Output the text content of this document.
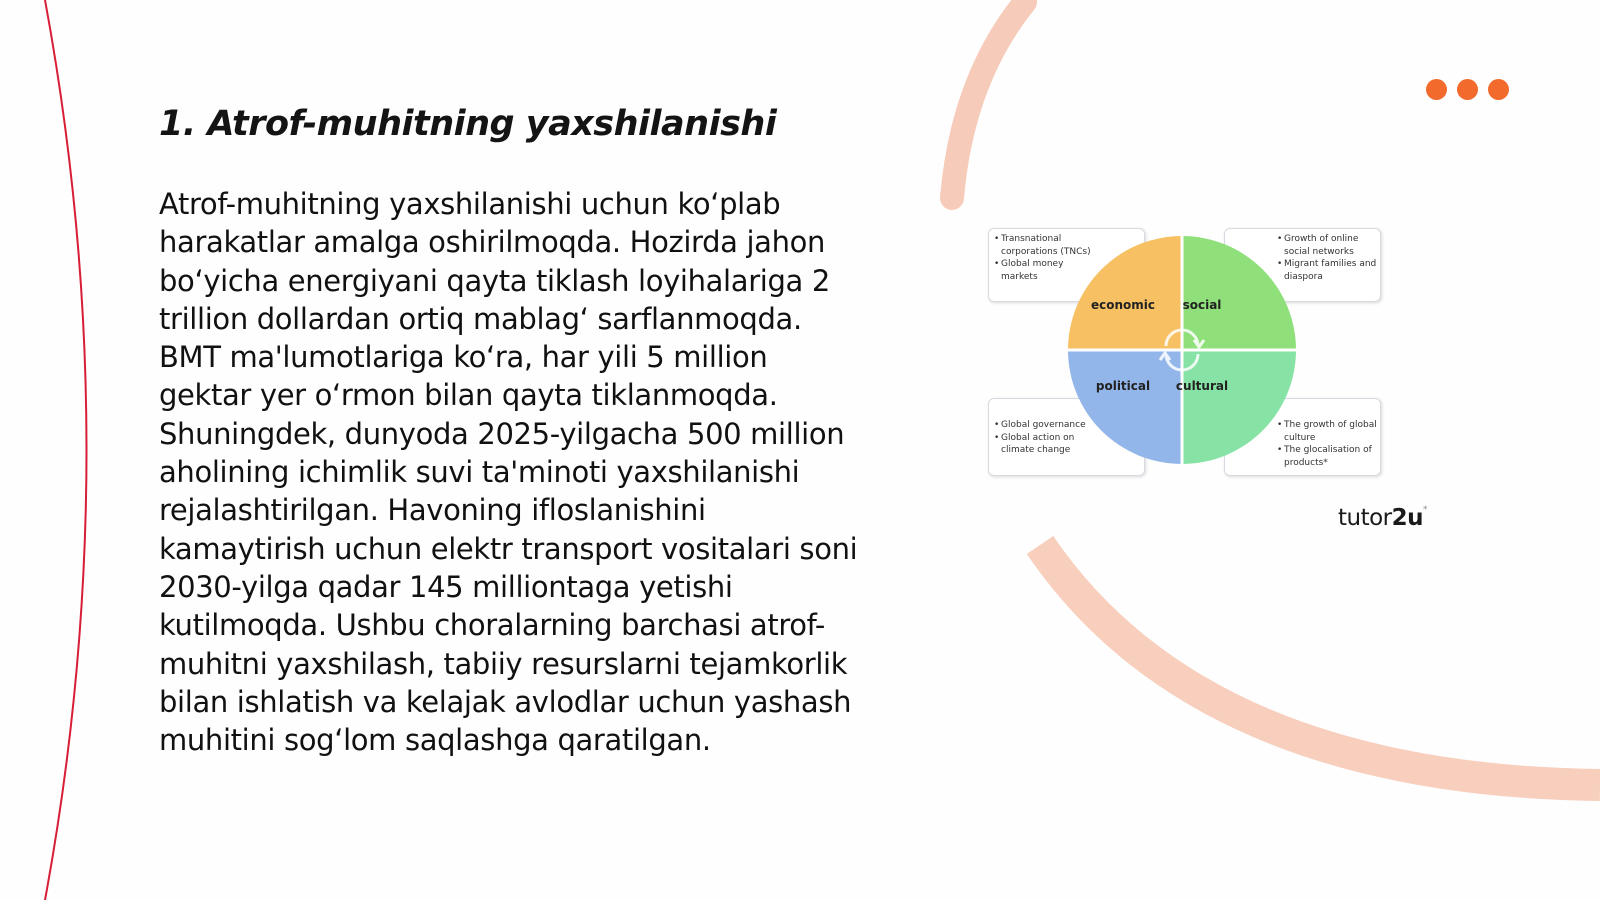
1. Atrof-muhitning yaxshilanishi

Atrof-muhitning yaxshilanishi uchun ko‘plab harakatlar amalga oshirilmoqda. Hozirda jahon bo‘yicha energiyani qayta tiklash loyihalariga 2 trillion dollardan ortiq mablag‘ sarflanmoqda. BMT ma'lumotlariga ko‘ra, har yili 5 million gektar yer o‘rmon bilan qayta tiklanmoqda. Shuningdek, dunyoda 2025-yilgacha 500 million aholining ichimlik suvi ta'minoti yaxshilanishi rejalashtirilgan. Havoning ifloslanishini kamaytirish uchun elektr transport vositalari soni 2030-yilga qadar 145 milliontaga yetishi kutilmoqda. Ushbu choralarning barchasi atrof-muhitni yaxshilash, tabiiy resurslarni tejamkorlik bilan ishlatish va kelajak avlodlar uchun yashash muhitini sog‘lom saqlashga qaratilgan.

• Transnational corporations (TNCs)
• Global money markets
• Growth of online social networks
• Migrant families and diaspora
• Global governance
• Global action on climate change
• The growth of global culture
• The glocalisation of products*
economic	social
political	cultural
tutor2u*
